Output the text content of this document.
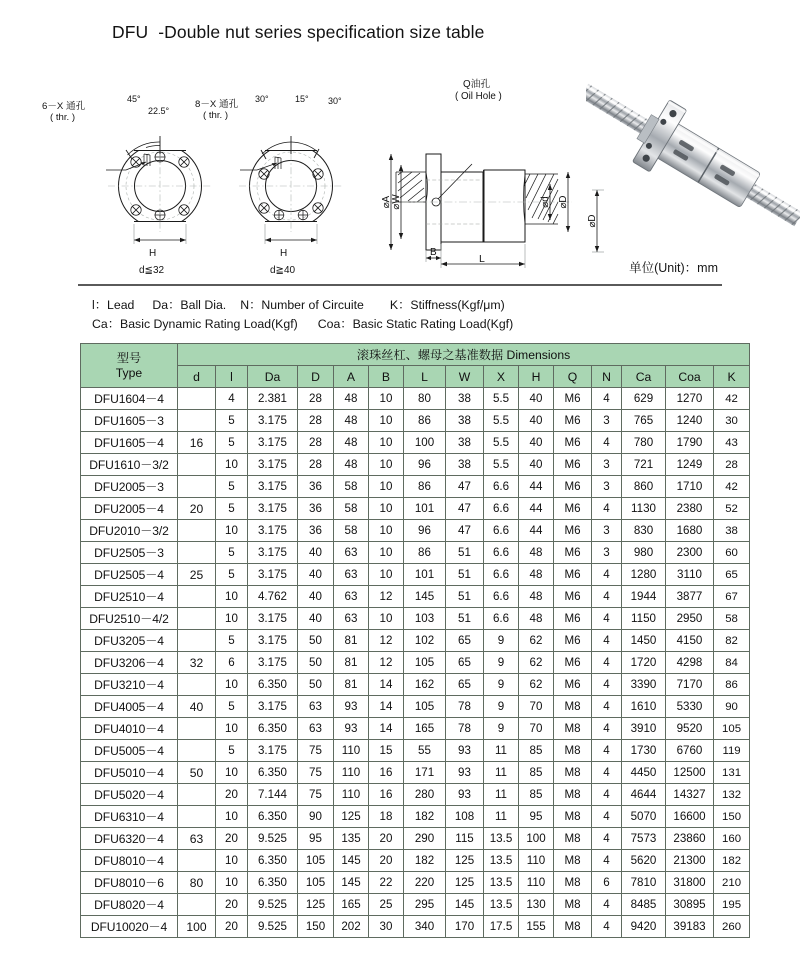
DFU  -Double nut series specification size table
6－X 通孔
( thr. )
45°
22.5°
H
d≦32
8－X 通孔
( thr. )
30°	15° 30°
H
d≧40
Q油孔
( Oil Hole )
⌀A ⌀W	⌀d ⌀D
B
L
⌀D
单位(Unit)：mm
l：Lead Da：Ball Dia. N：Number of Circuite K：Stiffness(Kgf/μm)
Ca：Basic Dynamic Rating Load(Kgf) Coa：Basic Static Rating Load(Kgf)
型号
Type	滚珠丝杠、螺母之基准数据 Dimensions														
	d	l	Da	D	A	B	L	W	X	H	Q	N	Ca	Coa	K
DFU1604－4		4	2.381	28	48	10	80	38	5.5	40	M6	4	629	1270	42
DFU1605－3		5	3.175	28	48	10	86	38	5.5	40	M6	3	765	1240	30
DFU1605－4	16	5	3.175	28	48	10	100	38	5.5	40	M6	4	780	1790	43
DFU1610－3/2		10	3.175	28	48	10	96	38	5.5	40	M6	3	721	1249	28
DFU2005－3		5	3.175	36	58	10	86	47	6.6	44	M6	3	860	1710	42
DFU2005－4	20	5	3.175	36	58	10	101	47	6.6	44	M6	4	1130	2380	52
DFU2010－3/2		10	3.175	36	58	10	96	47	6.6	44	M6	3	830	1680	38
DFU2505－3		5	3.175	40	63	10	86	51	6.6	48	M6	3	980	2300	60
DFU2505－4	25	5	3.175	40	63	10	101	51	6.6	48	M6	4	1280	3110	65
DFU2510－4		10	4.762	40	63	12	145	51	6.6	48	M6	4	1944	3877	67
DFU2510－4/2		10	3.175	40	63	10	103	51	6.6	48	M6	4	1150	2950	58
DFU3205－4		5	3.175	50	81	12	102	65	9	62	M6	4	1450	4150	82
DFU3206－4	32	6	3.175	50	81	12	105	65	9	62	M6	4	1720	4298	84
DFU3210－4		10	6.350	50	81	14	162	65	9	62	M6	4	3390	7170	86
DFU4005－4	40	5	3.175	63	93	14	105	78	9	70	M8	4	1610	5330	90
DFU4010－4		10	6.350	63	93	14	165	78	9	70	M8	4	3910	9520	105
DFU5005－4		5	3.175	75	110	15	55	93	11	85	M8	4	1730	6760	119
DFU5010－4	50	10	6.350	75	110	16	171	93	11	85	M8	4	4450	12500	131
DFU5020－4		20	7.144	75	110	16	280	93	11	85	M8	4	4644	14327	132
DFU6310－4		10	6.350	90	125	18	182	108	11	95	M8	4	5070	16600	150
DFU6320－4	63	20	9.525	95	135	20	290	115	13.5	100	M8	4	7573	23860	160
DFU8010－4		10	6.350	105	145	20	182	125	13.5	110	M8	4	5620	21300	182
DFU8010－6	80	10	6.350	105	145	22	220	125	13.5	110	M8	6	7810	31800	210
DFU8020－4		20	9.525	125	165	25	295	145	13.5	130	M8	4	8485	30895	195
DFU10020－4	100	20	9.525	150	202	30	340	170	17.5	155	M8	4	9420	39183	260
